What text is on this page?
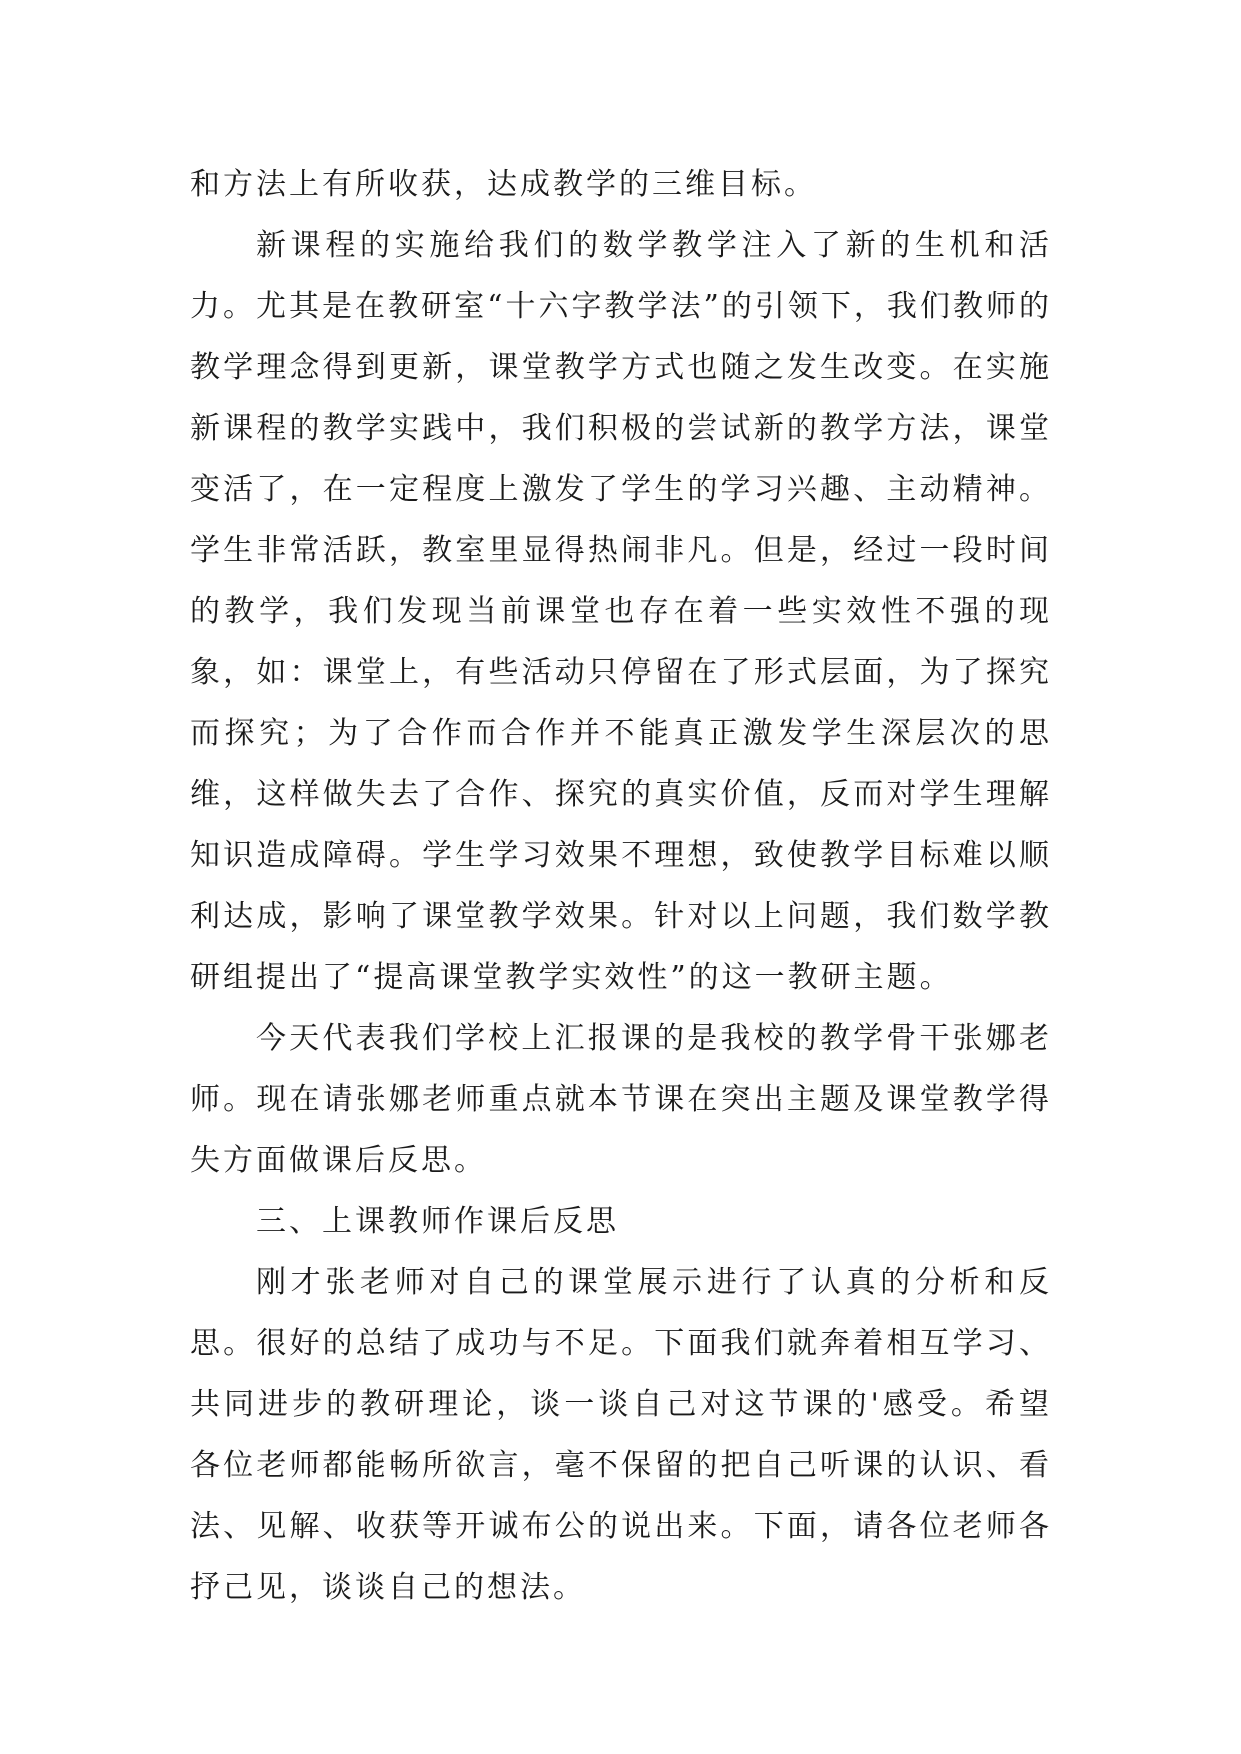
和方法上有所收获，达成教学的三维目标。

新课程的实施给我们的数学教学注入了新的生机和活力。尤其是在教研室“十六字教学法”的引领下，我们教师的教学理念得到更新，课堂教学方式也随之发生改变。在实施新课程的教学实践中，我们积极的尝试新的教学方法，课堂变活了，在一定程度上激发了学生的学习兴趣、主动精神。学生非常活跃，教室里显得热闹非凡。但是，经过一段时间的教学，我们发现当前课堂也存在着一些实效性不强的现象，如：课堂上，有些活动只停留在了形式层面，为了探究而探究；为了合作而合作并不能真正激发学生深层次的思维，这样做失去了合作、探究的真实价值，反而对学生理解知识造成障碍。学生学习效果不理想，致使教学目标难以顺利达成，影响了课堂教学效果。针对以上问题，我们数学教研组提出了“提高课堂教学实效性”的这一教研主题。

今天代表我们学校上汇报课的是我校的教学骨干张娜老师。现在请张娜老师重点就本节课在突出主题及课堂教学得失方面做课后反思。

三、上课教师作课后反思

刚才张老师对自己的课堂展示进行了认真的分析和反思。很好的总结了成功与不足。下面我们就奔着相互学习、共同进步的教研理论，谈一谈自己对这节课的'感受。希望各位老师都能畅所欲言，毫不保留的把自己听课的认识、看法、见解、收获等开诚布公的说出来。下面，请各位老师各抒己见，谈谈自己的想法。
